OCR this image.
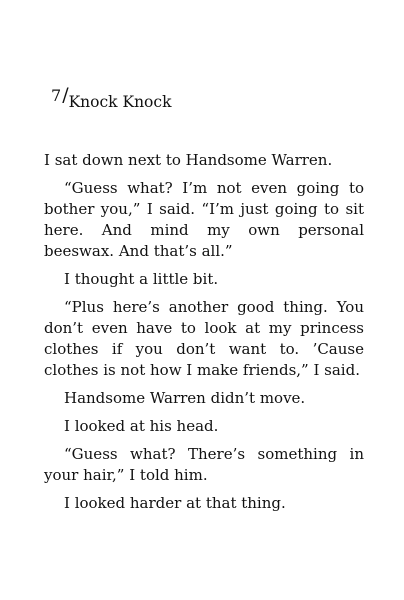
7/Knock Knock

I sat down next to Handsome Warren.

“Guess what? I’m not even going to bother you,” I said. “I’m just going to sit here. And mind my own personal beeswax. And that’s all.”

I thought a little bit.

“Plus here’s another good thing. You don’t even have to look at my princess clothes if you don’t want to. ’Cause clothes is not how I make friends,” I said.

Handsome Warren didn’t move.

I looked at his head.

“Guess what? There’s something in your hair,” I told him.

I looked harder at that thing.
